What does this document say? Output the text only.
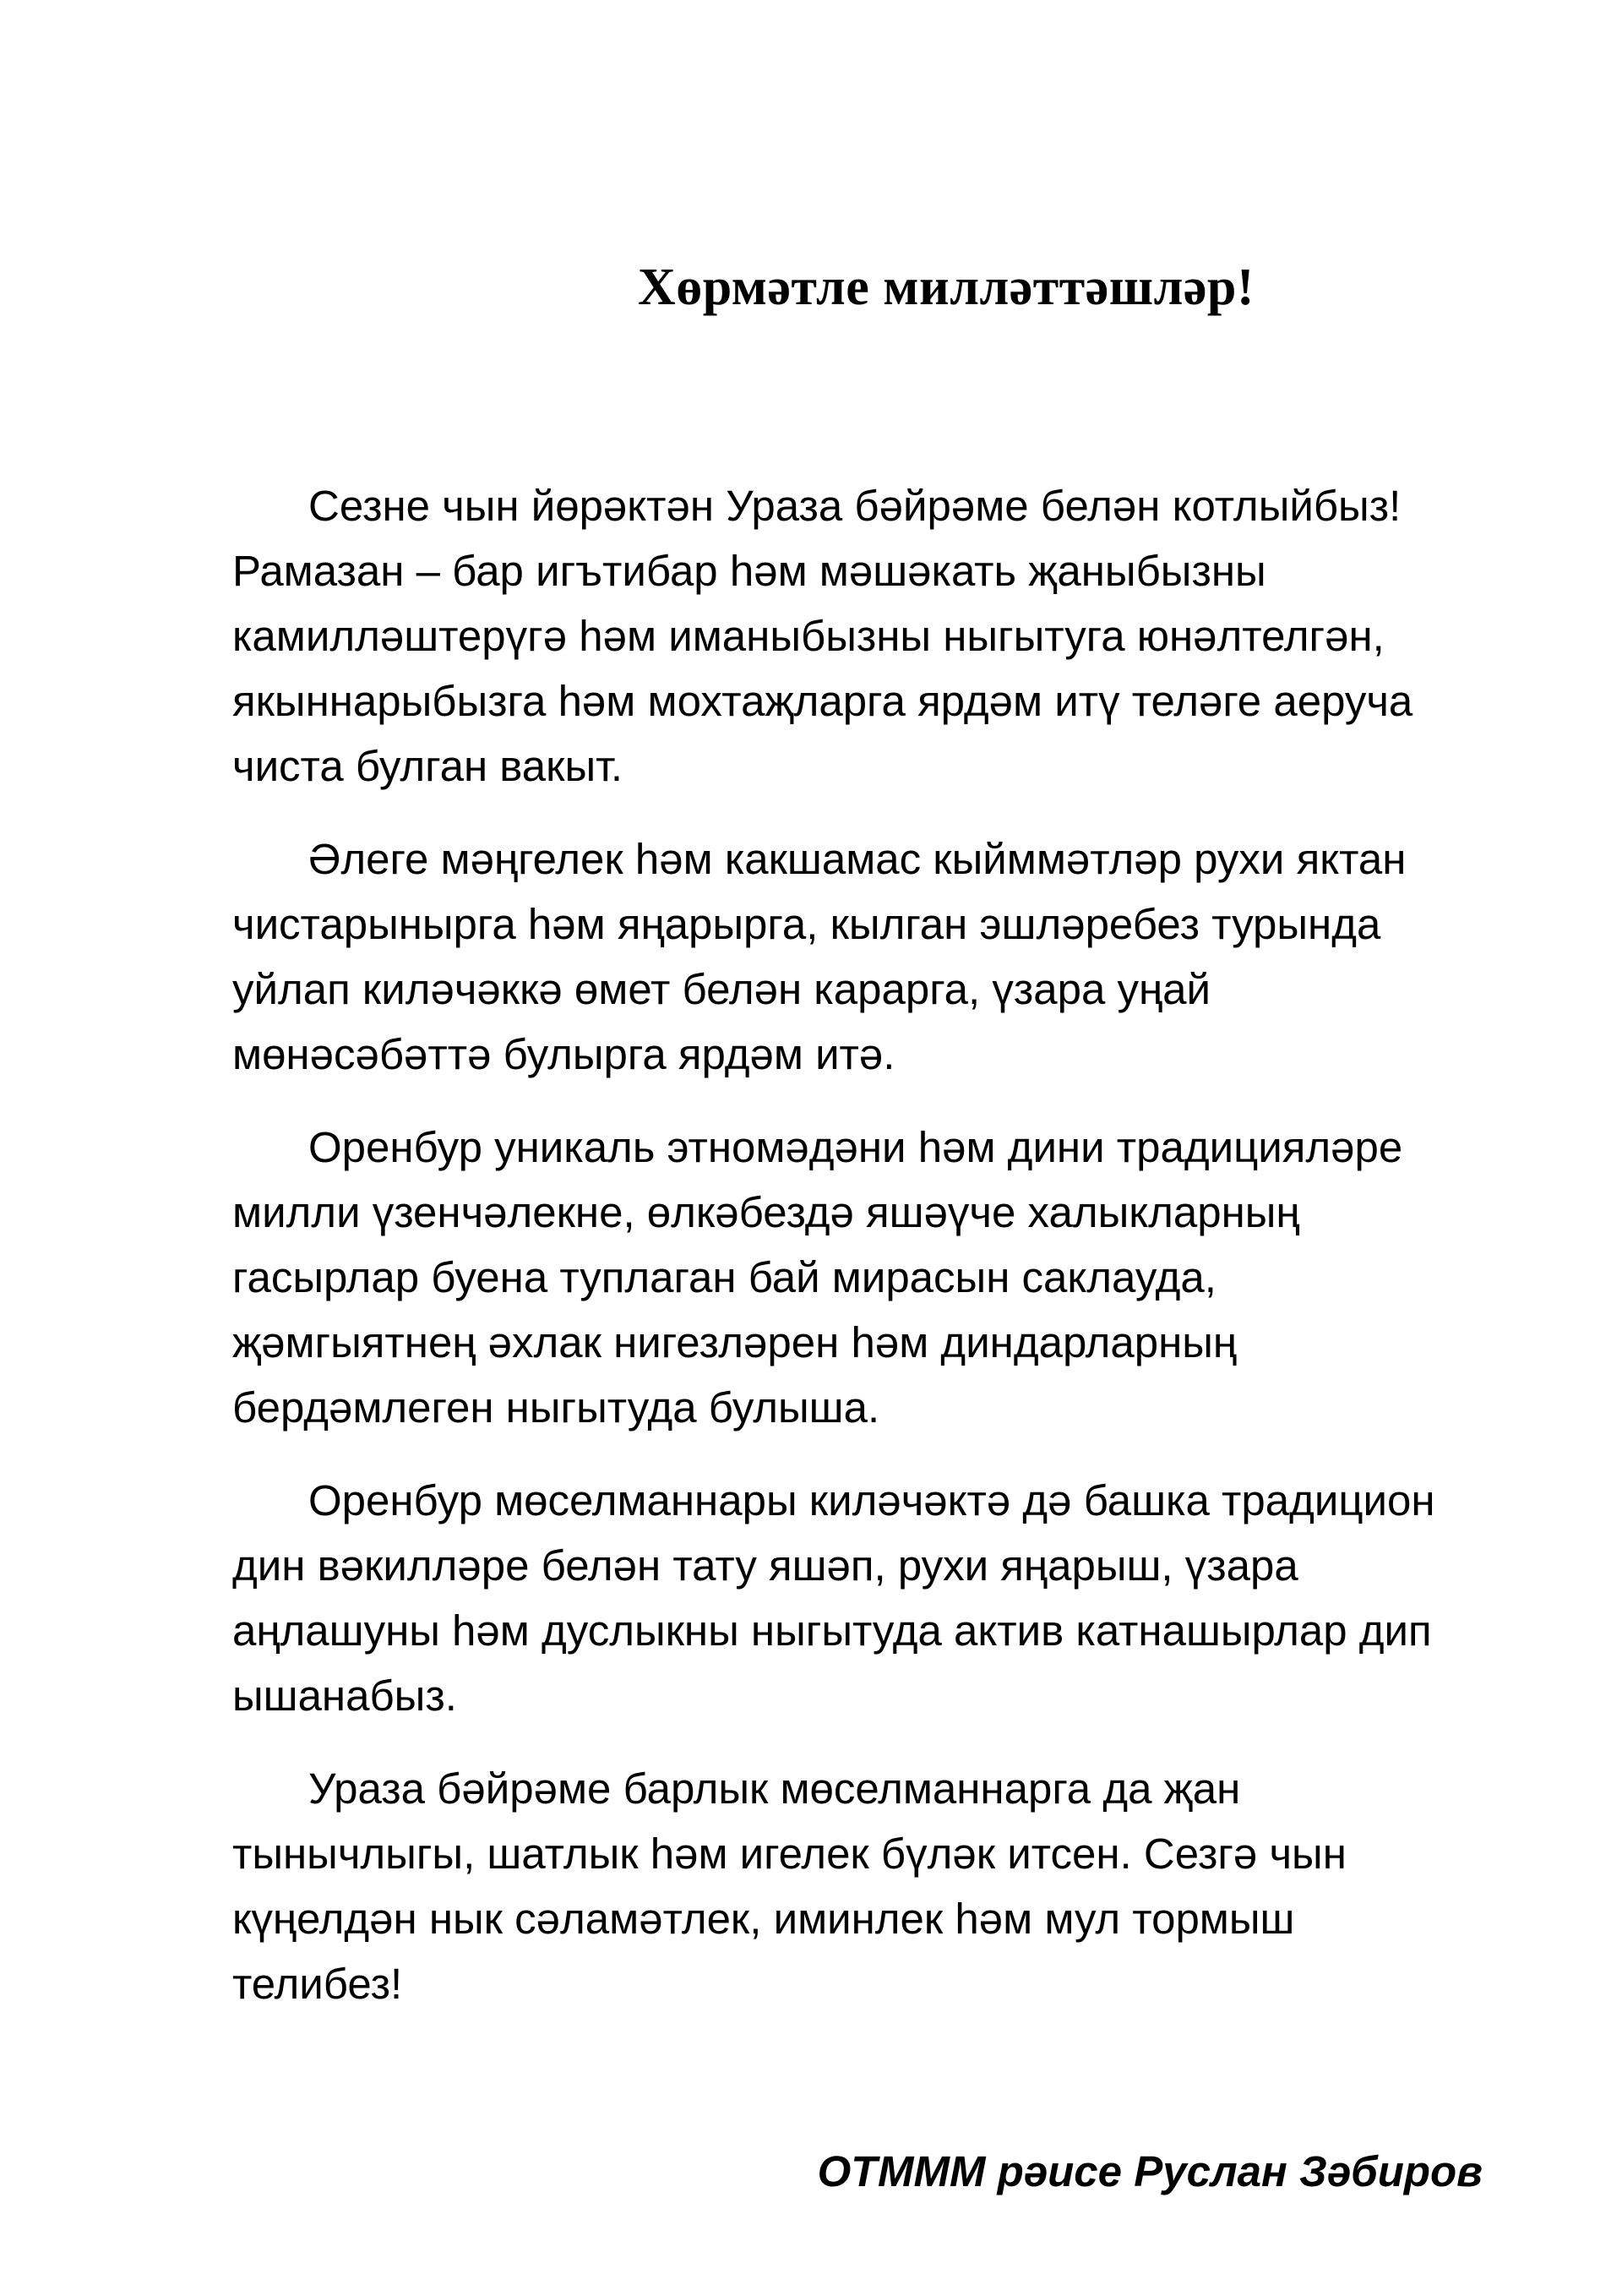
Хөрмәтле милләттәшләр!
Сезне чын йөрәктән Ураза бәйрәме белән котлыйбыз!
Рамазан – бар игътибар һәм мәшәкать җаныбызны
камилләштерүгә һәм иманыбызны ныгытуга юнәлтелгән,
якыннарыбызга һәм мохтаҗларга ярдәм итү теләге аеруча
чиста булган вакыт.
Әлеге мәңгелек һәм какшамас кыйммәтләр рухи яктан
чистарынырга һәм яңарырга, кылган эшләребез турында
уйлап киләчәккә өмет белән карарга, үзара уңай
мөнәсәбәттә булырга ярдәм итә.
Оренбур уникаль этномәдәни һәм дини традицияләре
милли үзенчәлекне, өлкәбездә яшәүче халыкларның
гасырлар буена туплаган бай мирасын саклауда,
җәмгыятнең әхлак нигезләрен һәм диндарларның
бердәмлеген ныгытуда булыша.
Оренбур мөселманнары киләчәктә дә башка традицион
дин вәкилләре белән тату яшәп, рухи яңарыш, үзара
аңлашуны һәм дуслыкны ныгытуда актив катнашырлар дип
ышанабыз.
Ураза бәйрәме барлык мөселманнарга да җан
тынычлыгы, шатлык һәм игелек бүләк итсен. Сезгә чын
күңелдән нык сәламәтлек, иминлек һәм мул тормыш
телибез!
ОТМММ рәисе Руслан Зәбиров
